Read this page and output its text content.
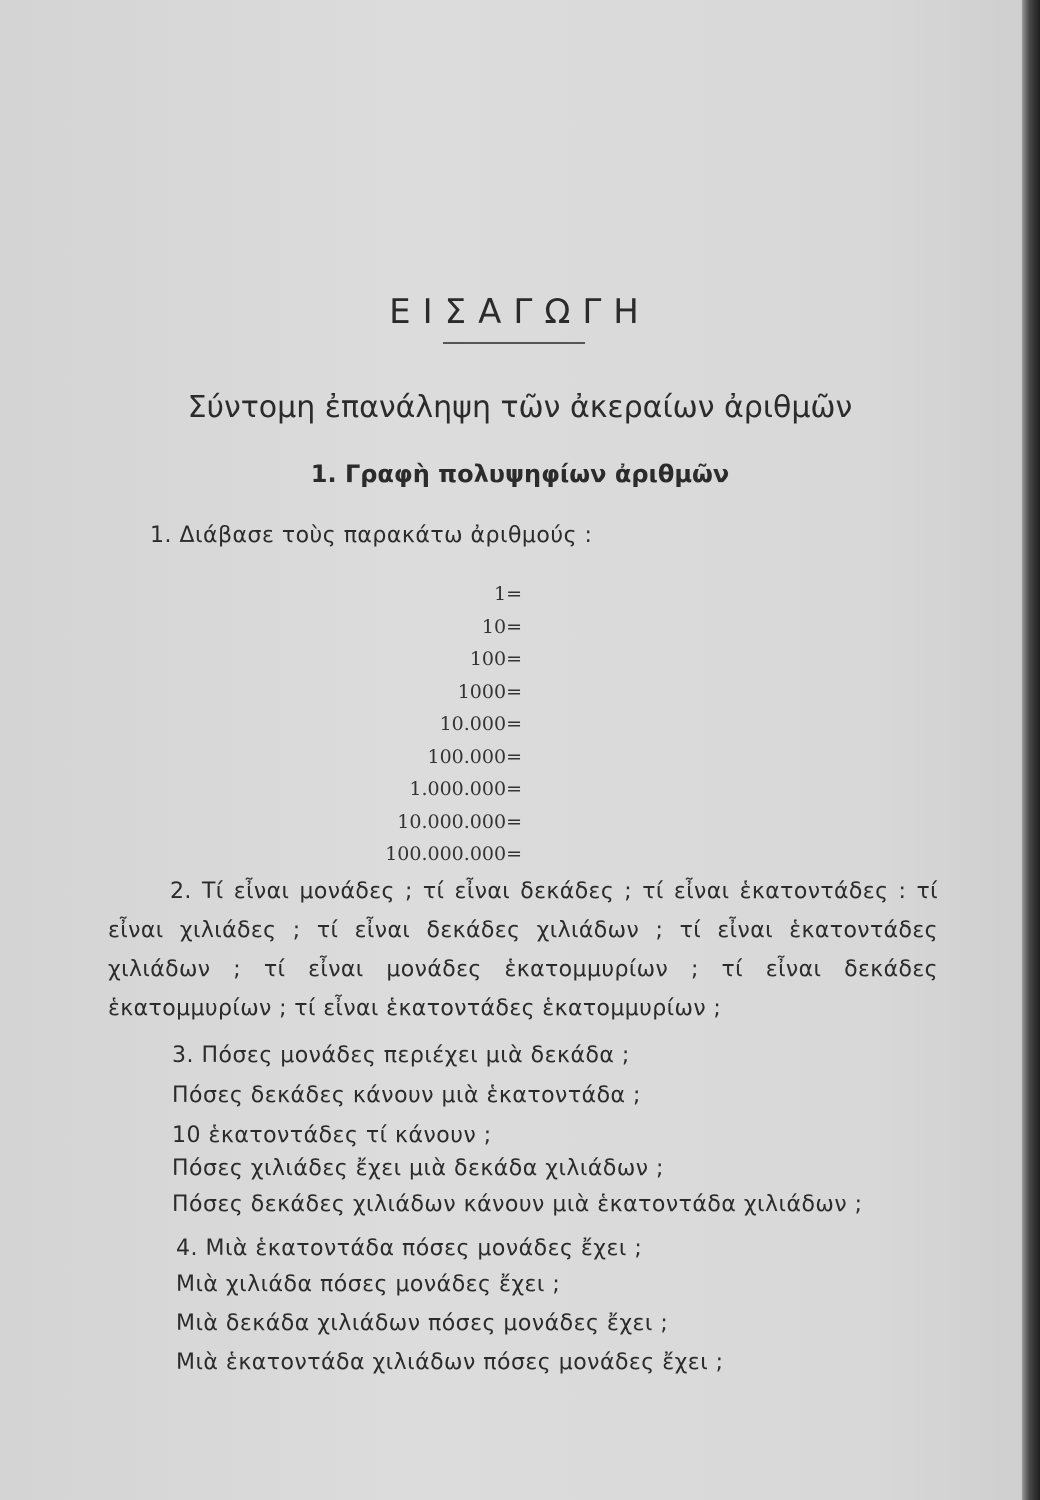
ΕΙΣΑΓΩΓΗ
Σύντομη ἐπανάληψη τῶν ἀκεραίων ἀριθμῶν
1. Γραφὴ πολυψηφίων ἀριθμῶν
1. Διάβασε τοὺς παρακάτω ἀριθμούς :
1=
10=
100=
1000=
10.000=
100.000=
1.000.000=
10.000.000=
100.000.000=

2. Τί εἶναι μονάδες ; τί εἶναι δεκάδες ; τί εἶναι ἑκατοντάδες : τί εἶναι χιλιάδες ; τί εἶναι δεκάδες χιλιάδων ; τί εἶναι ἑκατοντάδες χιλιάδων ; τί εἶναι μονάδες ἑκατομμυρίων ; τί εἶναι δεκάδες ἑκατομμυρίων ; τί εἶναι ἑκατοντάδες ἑκατομμυρίων ;

3. Πόσες μονάδες περιέχει μιὰ δεκάδα ;
Πόσες δεκάδες κάνουν μιὰ ἑκατοντάδα ;
10 ἑκατοντάδες τί κάνουν ;
Πόσες χιλιάδες ἔχει μιὰ δεκάδα χιλιάδων ;
Πόσες δεκάδες χιλιάδων κάνουν μιὰ ἑκατοντάδα χιλιάδων ;
4. Μιὰ ἑκατοντάδα πόσες μονάδες ἔχει ;
Μιὰ χιλιάδα πόσες μονάδες ἔχει ;
Μιὰ δεκάδα χιλιάδων πόσες μονάδες ἔχει ;
Μιὰ ἑκατοντάδα χιλιάδων πόσες μονάδες ἔχει ;
